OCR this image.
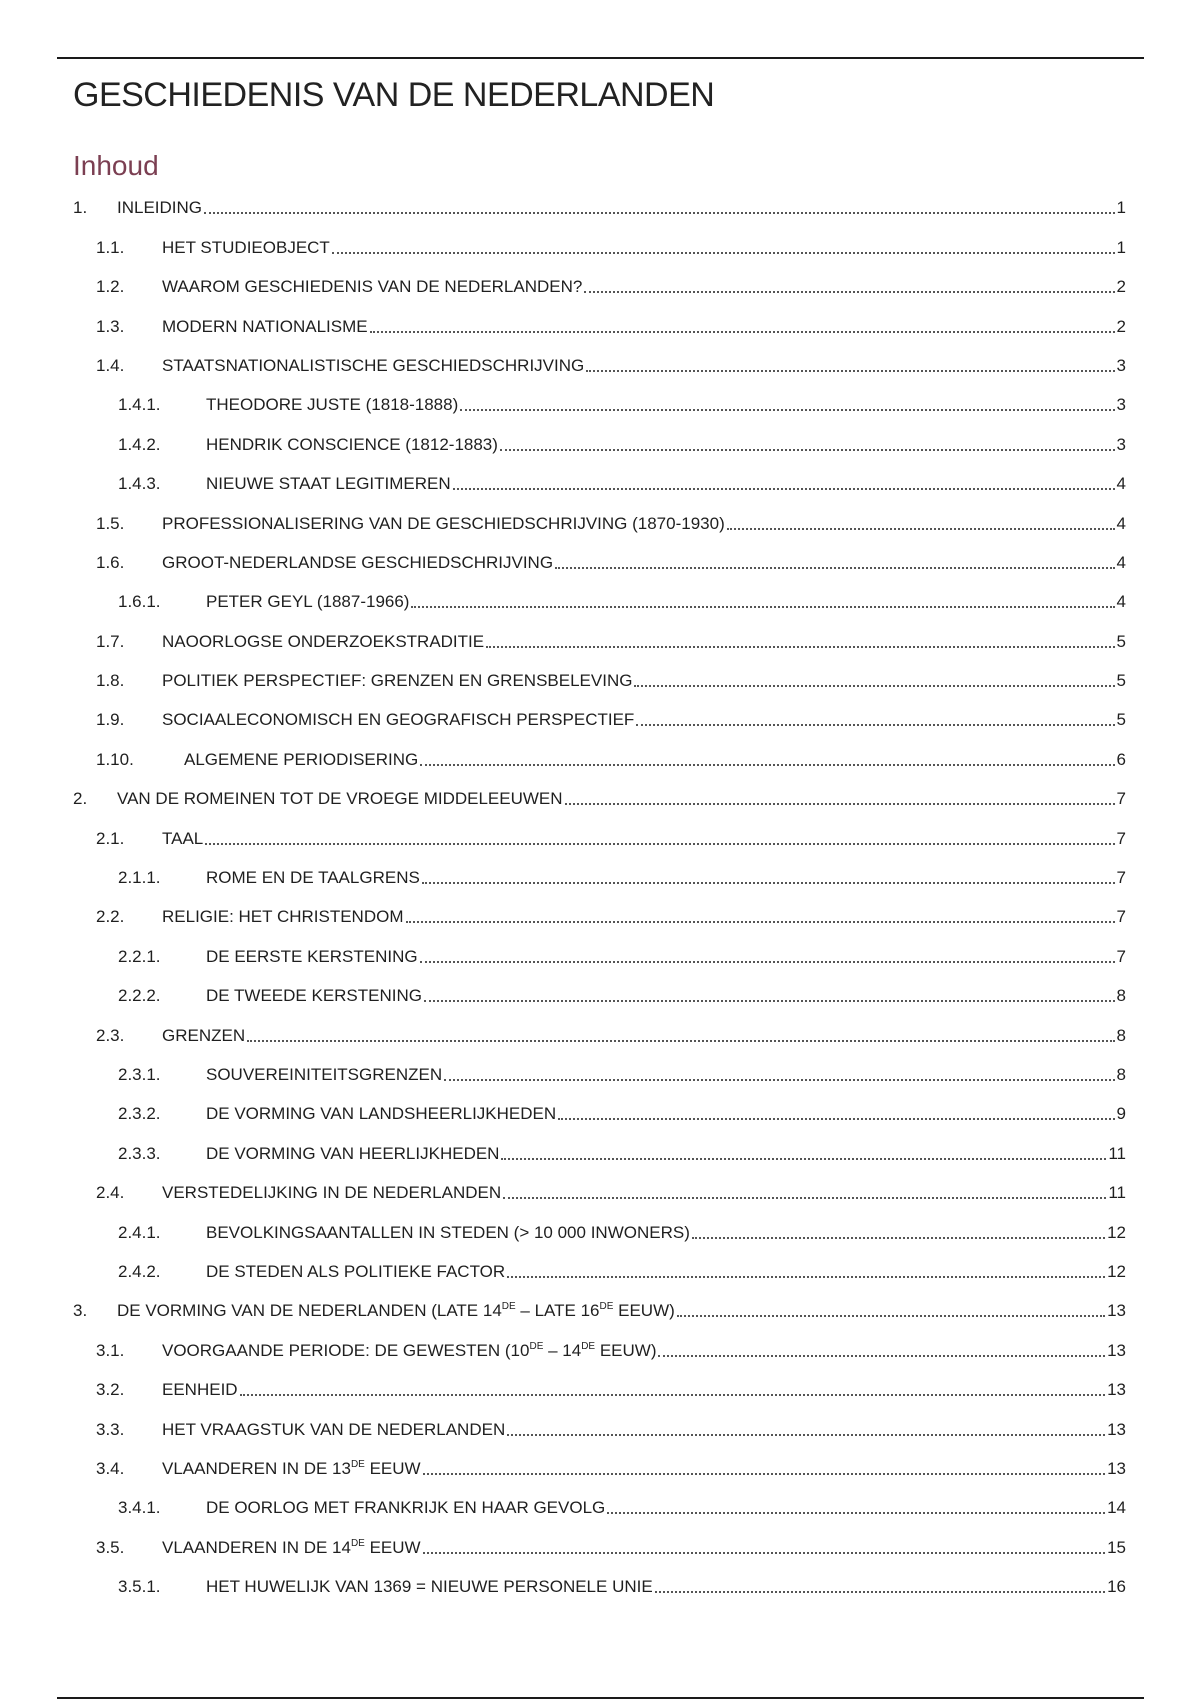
GESCHIEDENIS VAN DE NEDERLANDEN
Inhoud
1.	INLEIDING	1
1.1.	HET STUDIEOBJECT	1
1.2.	WAAROM GESCHIEDENIS VAN DE NEDERLANDEN?	2
1.3.	MODERN NATIONALISME	2
1.4.	STAATSNATIONALISTISCHE GESCHIEDSCHRIJVING	3
1.4.1.	THEODORE JUSTE (1818-1888)	3
1.4.2.	HENDRIK CONSCIENCE (1812-1883)	3
1.4.3.	NIEUWE STAAT LEGITIMEREN	4
1.5.	PROFESSIONALISERING VAN DE GESCHIEDSCHRIJVING (1870-1930)	4
1.6.	GROOT-NEDERLANDSE GESCHIEDSCHRIJVING	4
1.6.1.	PETER GEYL (1887-1966)	4
1.7.	NAOORLOGSE ONDERZOEKSTRADITIE	5
1.8.	POLITIEK PERSPECTIEF: GRENZEN EN GRENSBELEVING	5
1.9.	SOCIAALECONOMISCH EN GEOGRAFISCH PERSPECTIEF	5
1.10.	ALGEMENE PERIODISERING	6
2.	VAN DE ROMEINEN TOT DE VROEGE MIDDELEEUWEN	7
2.1.	TAAL	7
2.1.1.	ROME EN DE TAALGRENS	7
2.2.	RELIGIE: HET CHRISTENDOM	7
2.2.1.	DE EERSTE KERSTENING	7
2.2.2.	DE TWEEDE KERSTENING	8
2.3.	GRENZEN	8
2.3.1.	SOUVEREINITEITSGRENZEN	8
2.3.2.	DE VORMING VAN LANDSHEERLIJKHEDEN	9
2.3.3.	DE VORMING VAN HEERLIJKHEDEN	11
2.4.	VERSTEDELIJKING IN DE NEDERLANDEN	11
2.4.1.	BEVOLKINGSAANTALLEN IN STEDEN (> 10 000 INWONERS)	12
2.4.2.	DE STEDEN ALS POLITIEKE FACTOR	12
3.	DE VORMING VAN DE NEDERLANDEN (LATE 14DE – LATE 16DE EEUW)	13
3.1.	VOORGAANDE PERIODE: DE GEWESTEN (10DE – 14DE EEUW)	13
3.2.	EENHEID	13
3.3.	HET VRAAGSTUK VAN DE NEDERLANDEN	13
3.4.	VLAANDEREN IN DE 13DE EEUW	13
3.4.1.	DE OORLOG MET FRANKRIJK EN HAAR GEVOLG	14
3.5.	VLAANDEREN IN DE 14DE EEUW	15
3.5.1.	HET HUWELIJK VAN 1369 = NIEUWE PERSONELE UNIE	16
